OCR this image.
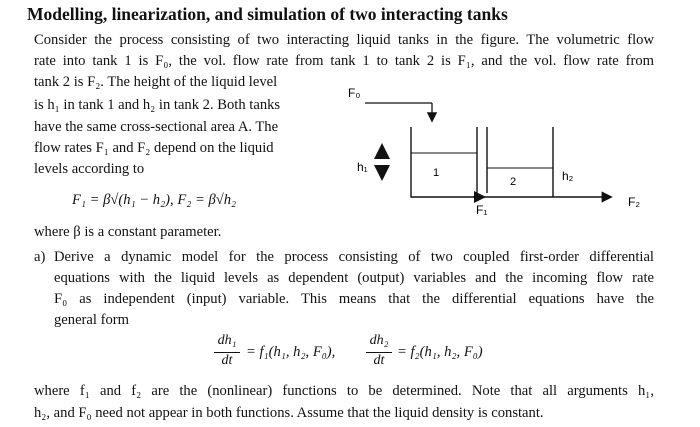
Modelling, linearization, and simulation of two interacting tanks
Consider the process consisting of two interacting liquid tanks in the figure. The volumetric flow
rate into tank 1 is F₀, the vol. flow rate from tank 1 to tank 2 is F₁, and the vol. flow rate from
tank 2 is F₂. The height of the liquid level
is h₁ in tank 1 and h₂ in tank 2. Both tanks
have the same cross-sectional area A. The
flow rates F₁ and F₂ depend on the liquid
levels according to
F₁ = β√(h₁ − h₂), F₂ = β√h₂
where β is a constant parameter.
a) Derive a dynamic model for the process consisting of two coupled first-order differential
equations with the liquid levels as dependent (output) variables and the incoming flow rate
F₀ as independent (input) variable. This means that the differential equations have the
general form
dh₁
dt
= f₁(h₁, h₂, F₀),
dh₂
dt
= f₂(h₁, h₂, F₀)
where f₁ and f₂ are the (nonlinear) functions to be determined. Note that all arguments h₁,
h₂, and F₀ need not appear in both functions. Assume that the liquid density is constant.
F₀
1
2
h₁
h₂
F₁
F₂
